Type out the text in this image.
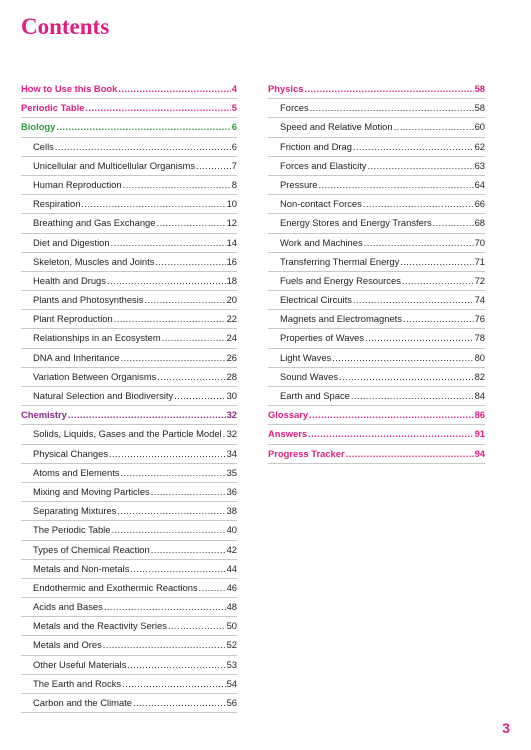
Contents
How to Use this Book .....	4
Periodic Table .....	5
Biology .....	6
Cells .....	6
Unicellular and Multicellular Organisms .....	7
Human Reproduction .....	8
Respiration .....	10
Breathing and Gas Exchange .....	12
Diet and Digestion .....	14
Skeleton, Muscles and Joints .....	16
Health and Drugs .....	18
Plants and Photosynthesis .....	20
Plant Reproduction .....	22
Relationships in an Ecosystem .....	24
DNA and Inheritance .....	26
Variation Between Organisms .....	28
Natural Selection and Biodiversity .....	30
Chemistry .....	32
Solids, Liquids, Gases and the Particle Model ..... 32
Physical Changes .....	34
Atoms and Elements .....	35
Mixing and Moving Particles .....	36
Separating Mixtures .....	38
The Periodic Table .....	40
Types of Chemical Reaction .....	42
Metals and Non-metals .....	44
Endothermic and Exothermic Reactions .....	46
Acids and Bases .....	48
Metals and the Reactivity Series .....	50
Metals and Ores .....	52
Other Useful Materials .....	53
The Earth and Rocks .....	54
Carbon and the Climate .....	56
Physics .....	58
Forces .....	58
Speed and Relative Motion .....	60
Friction and Drag .....	62
Forces and Elasticity .....	63
Pressure .....	64
Non-contact Forces .....	66
Energy Stores and Energy Transfers .....	68
Work and Machines .....	70
Transferring Thermal Energy .....	71
Fuels and Energy Resources .....	72
Electrical Circuits .....	74
Magnets and Electromagnets .....	76
Properties of Waves .....	78
Light Waves .....	80
Sound Waves .....	82
Earth and Space .....	84
Glossary .....	86
Answers .....	91
Progress Tracker .....	94
3
